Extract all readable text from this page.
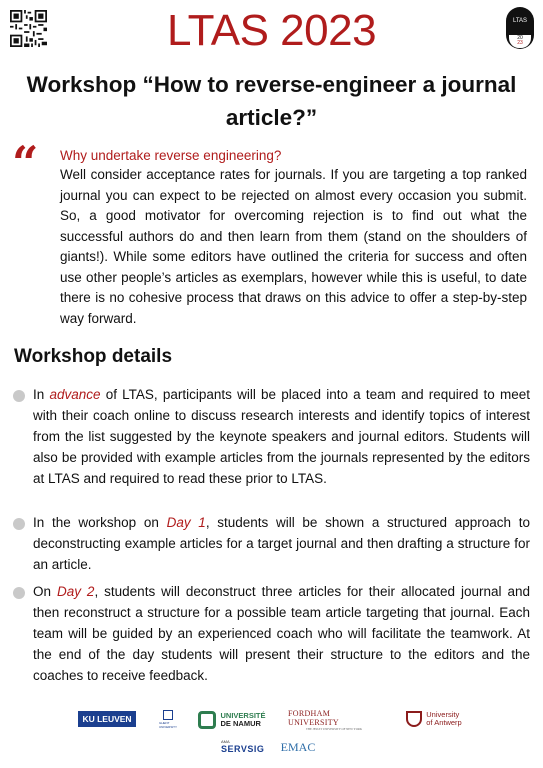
LTAS 2023	LTAS
20
23
Workshop “How to reverse-engineer a journal article?”
“ Why undertake reverse engineering?
Well consider acceptance rates for journals. If you are targeting a top ranked journal you can expect to be rejected on almost every occasion you submit. So, a good motivator for overcoming rejection is to find out what the successful authors do and then learn from them (stand on the shoulders of giants!). While some editors have outlined the criteria for success and often use other people’s articles as exemplars, however while this is useful, to date there is no cohesive process that draws on this advice to offer a step-by-step way forward.
Workshop details
In advance of LTAS, participants will be placed into a team and required to meet with their coach online to discuss research interests and identify topics of interest from the list suggested by the keynote speakers and journal editors. Students will also be provided with example articles from the journals represented by the editors at LTAS and required to read these prior to LTAS.
In the workshop on Day 1, students will be shown a structured approach to deconstructing example articles for a target journal and then drafting a structure for an article.
On Day 2, students will deconstruct three articles for their allocated journal and then reconstruct a structure for a possible team article targeting that journal. Each team will be guided by an experienced coach who will facilitate the teamwork. At the end of the day students will present their structure to the editors and the coaches to receive feedback.
KU LEUVEN	GHENT UNIVERSITY
UNIVERSITÉ
DE NAMUR
FORDHAM UNIVERSITY
THE JESUIT UNIVERSITY OF NEW YORK
University
of Antwerp
AMA
SERVSIG EMAC
